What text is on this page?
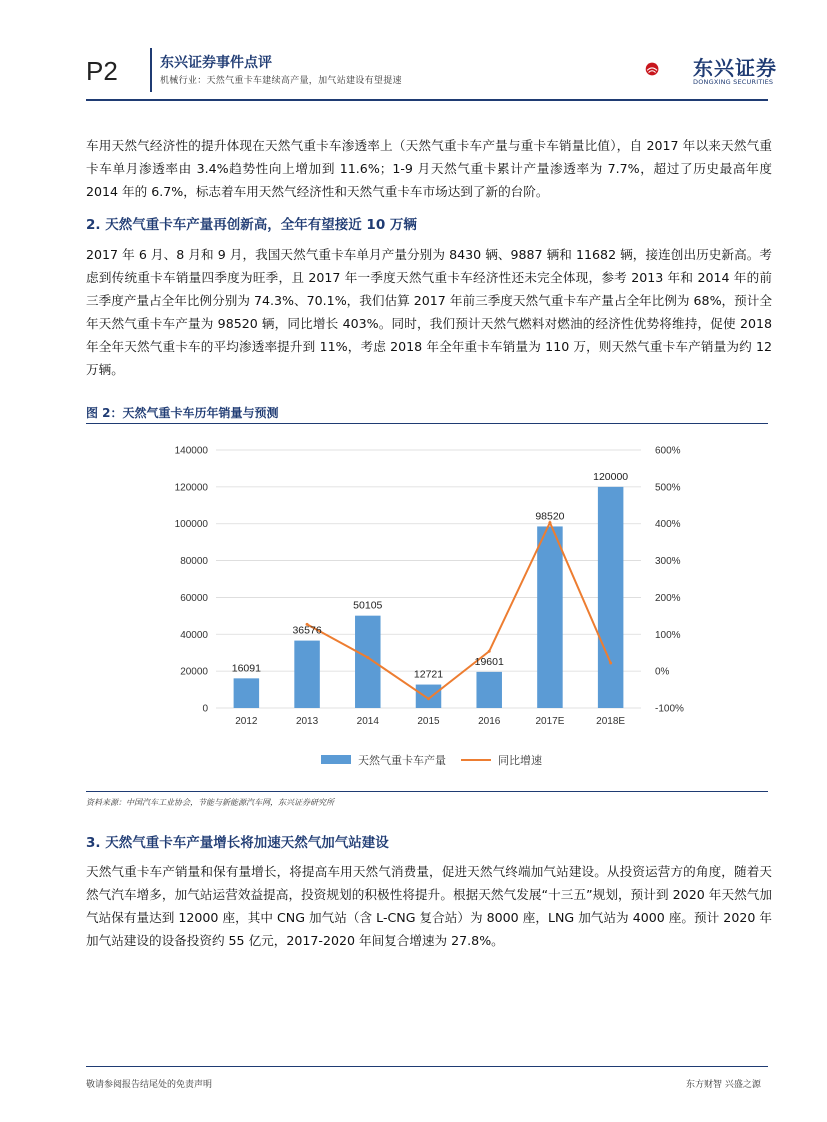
P2	东兴证券事件点评
机械行业：天然气重卡车建续高产量，加气站建设有望提速
东兴证券
DONGXING SECURITIES
车用天然气经济性的提升体现在天然气重卡车渗透率上（天然气重卡车产量与重卡车销量比值），自 2017 年以来天然气重卡车单月渗透率由 3.4%趋势性向上增加到 11.6%；1-9 月天然气重卡累计产量渗透率为 7.7%，超过了历史最高年度 2014 年的 6.7%，标志着车用天然气经济性和天然气重卡车市场达到了新的台阶。
2. 天然气重卡车产量再创新高，全年有望接近 10 万辆
2017 年 6 月、8 月和 9 月，我国天然气重卡车单月产量分别为 8430 辆、9887 辆和 11682 辆，接连创出历史新高。考虑到传统重卡车销量四季度为旺季，且 2017 年一季度天然气重卡车经济性还未完全体现，参考 2013 年和 2014 年的前三季度产量占全年比例分别为 74.3%、70.1%，我们估算 2017 年前三季度天然气重卡车产量占全年比例为 68%，预计全年天然气重卡车产量为 98520 辆，同比增长 403%。同时，我们预计天然气燃料对燃油的经济性优势将维持，促使 2018 年全年天然气重卡车的平均渗透率提升到 11%，考虑 2018 年全年重卡车销量为 110 万，则天然气重卡车产销量为约 12 万辆。
图 2：天然气重卡车历年销量与预测
16091
36576
50105
12721
19601
98520
120000
0
20000
40000
60000
80000
100000
120000
140000
-100%
0%
100%
200%
300%
400%
500%
600%
2012	2013	2014	2015	2016	2017E	2018E
天然气重卡车产量	同比增速
资料来源：中国汽车工业协会，节能与新能源汽车网，东兴证券研究所
3. 天然气重卡车产量增长将加速天然气加气站建设
天然气重卡车产销量和保有量增长，将提高车用天然气消费量，促进天然气终端加气站建设。从投资运营方的角度，随着天然气汽车增多，加气站运营效益提高，投资规划的积极性将提升。根据天然气发展“十三五”规划，预计到 2020 年天然气加气站保有量达到 12000 座，其中 CNG 加气站（含 L-CNG 复合站）为 8000 座，LNG 加气站为 4000 座。预计 2020 年加气站建设的设备投资约 55 亿元，2017-2020 年间复合增速为 27.8%。
敬请参阅报告结尾处的免责声明	东方财智 兴盛之源
